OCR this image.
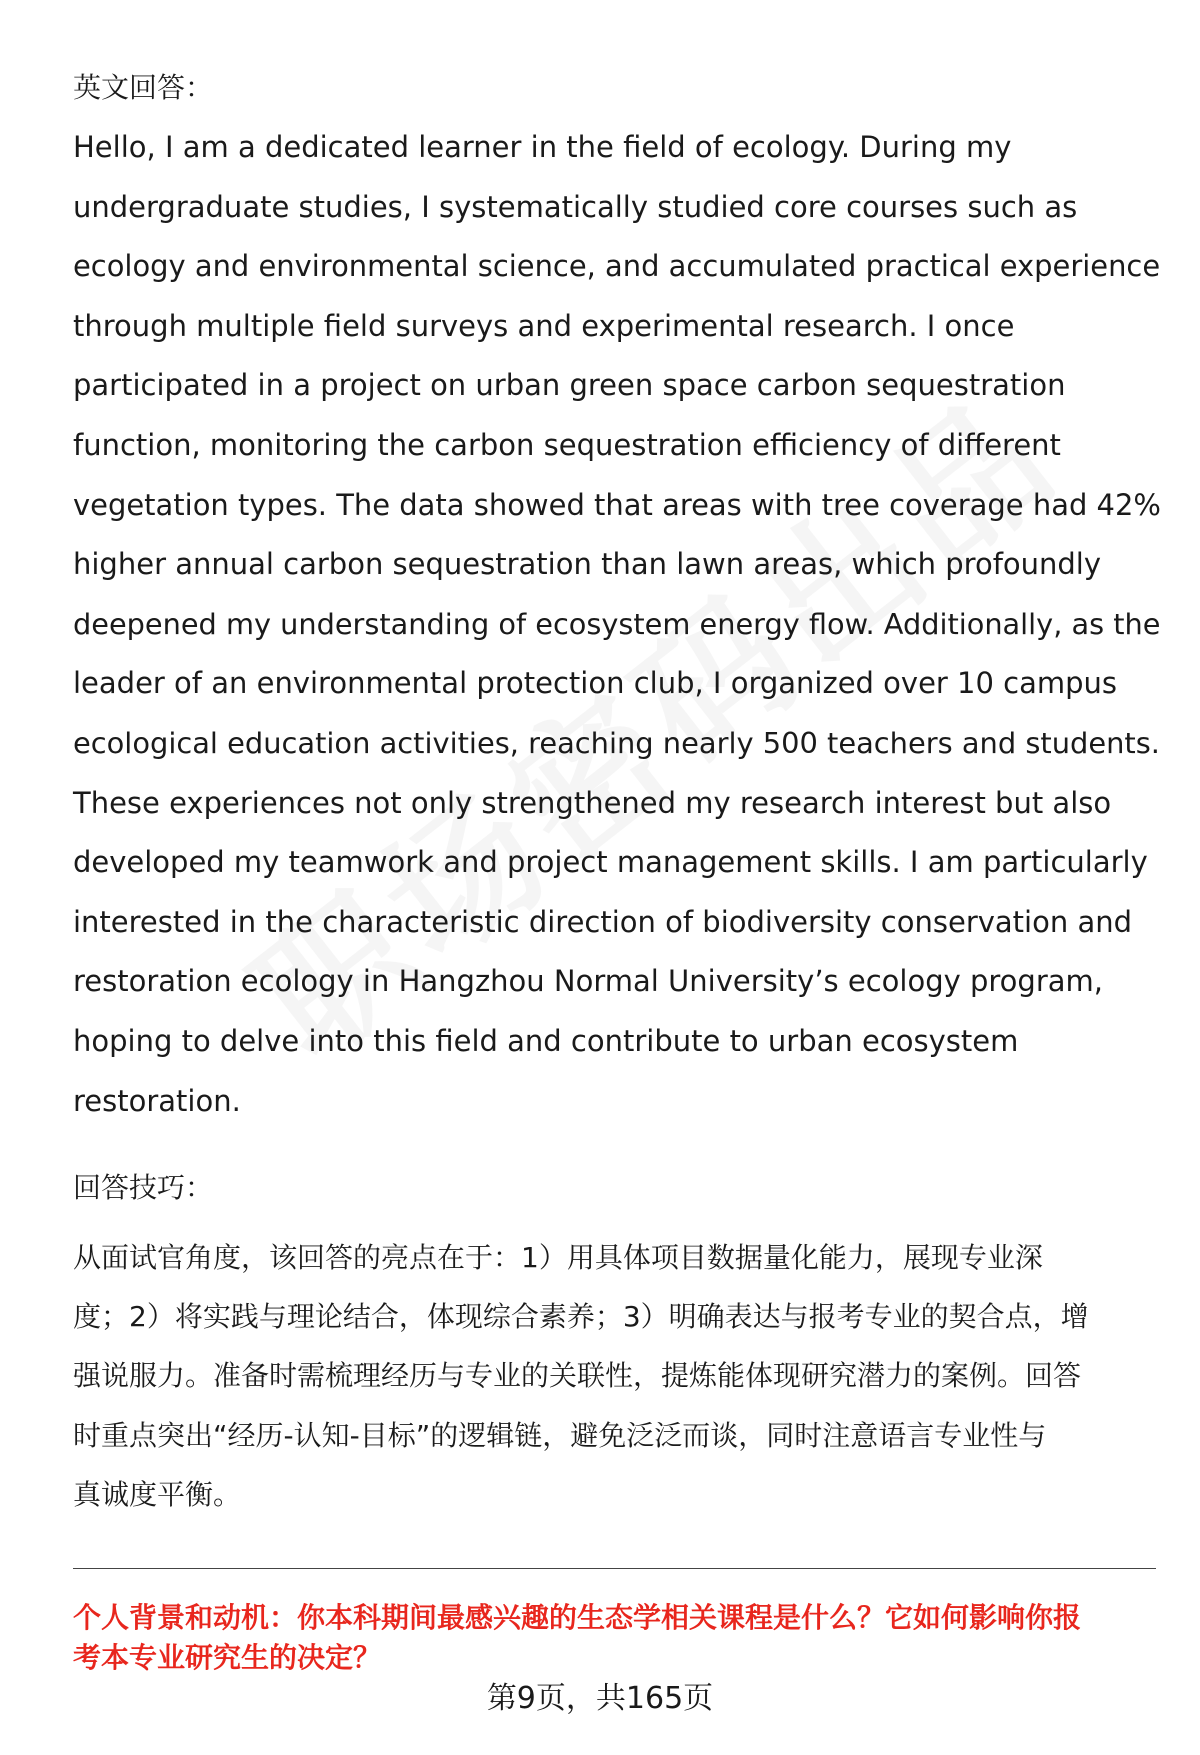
英文回答：
Hello, I am a dedicated learner in the field of ecology. During my
undergraduate studies, I systematically studied core courses such as
ecology and environmental science, and accumulated practical experience
through multiple field surveys and experimental research. I once
participated in a project on urban green space carbon sequestration
function, monitoring the carbon sequestration efficiency of different
vegetation types. The data showed that areas with tree coverage had 42%
higher annual carbon sequestration than lawn areas, which profoundly
deepened my understanding of ecosystem energy flow. Additionally, as the
leader of an environmental protection club, I organized over 10 campus
ecological education activities, reaching nearly 500 teachers and students.
These experiences not only strengthened my research interest but also
developed my teamwork and project management skills. I am particularly
interested in the characteristic direction of biodiversity conservation and
restoration ecology in Hangzhou Normal University’s ecology program,
hoping to delve into this field and contribute to urban ecosystem
restoration.
回答技巧：
从面试官角度，该回答的亮点在于：1）用具体项目数据量化能力，展现专业深
度；2）将实践与理论结合，体现综合素养；3）明确表达与报考专业的契合点，增
强说服力。准备时需梳理经历与专业的关联性，提炼能体现研究潜力的案例。回答
时重点突出“经历-认知-目标”的逻辑链，避免泛泛而谈，同时注意语言专业性与
真诚度平衡。
个人背景和动机：你本科期间最感兴趣的生态学相关课程是什么？它如何影响你报
考本专业研究生的决定？
第9页，共165页
